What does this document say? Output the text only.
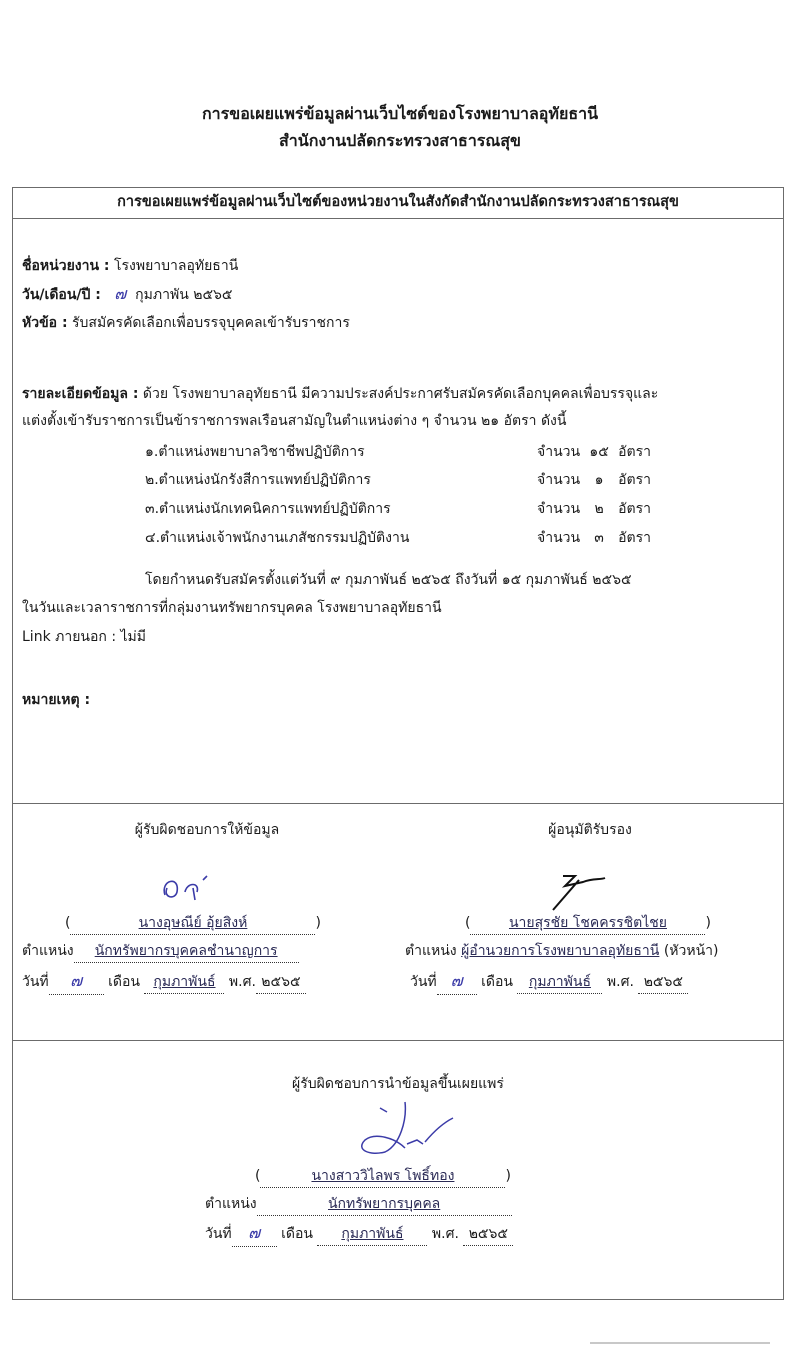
การขอเผยแพร่ข้อมูลผ่านเว็บไซต์ของโรงพยาบาลอุทัยธานี
สำนักงานปลัดกระทรวงสาธารณสุข
การขอเผยแพร่ข้อมูลผ่านเว็บไซต์ของหน่วยงานในสังกัดสำนักงานปลัดกระทรวงสาธารณสุข
ชื่อหน่วยงาน : โรงพยาบาลอุทัยธานี
วัน/เดือน/ปี : ๗ กุมภาพัน ๒๕๖๕
หัวข้อ : รับสมัครคัดเลือกเพื่อบรรจุบุคคลเข้ารับราชการ
รายละเอียดข้อมูล : ด้วย โรงพยาบาลอุทัยธานี มีความประสงค์ประกาศรับสมัครคัดเลือกบุคคลเพื่อบรรจุและ
แต่งตั้งเข้ารับราชการเป็นข้าราชการพลเรือนสามัญในตำแหน่งต่าง ๆ จำนวน ๒๑ อัตรา ดังนี้
๑.ตำแหน่งพยาบาลวิชาชีพปฏิบัติการ	จำนวน ๑๕ อัตรา
๒.ตำแหน่งนักรังสีการแพทย์ปฏิบัติการ	จำนวน ๑ อัตรา
๓.ตำแหน่งนักเทคนิคการแพทย์ปฏิบัติการ	จำนวน ๒ อัตรา
๔.ตำแหน่งเจ้าพนักงานเภสัชกรรมปฏิบัติงาน	จำนวน ๓ อัตรา
โดยกำหนดรับสมัครตั้งแต่วันที่ ๙ กุมภาพันธ์ ๒๕๖๕ ถึงวันที่ ๑๕ กุมภาพันธ์ ๒๕๖๕
ในวันและเวลาราชการที่กลุ่มงานทรัพยากรบุคคล โรงพยาบาลอุทัยธานี
Link ภายนอก : ไม่มี
หมายเหตุ :
ผู้รับผิดชอบการให้ข้อมูล
(	นางอุษณีย์ อุ้ยสิงห์	)
ตำแหน่ง นักทรัพยากรบุคคลชำนาญการ
วันที่ ๗ เดือน กุมภาพันธ์ พ.ศ. ๒๕๖๕
ผู้อนุมัติรับรอง
(	นายสุรชัย โชคครรชิตไชย	)
ตำแหน่ง ผู้อำนวยการโรงพยาบาลอุทัยธานี (หัวหน้า)
วันที่ ๗ เดือน กุมภาพันธ์ พ.ศ. ๒๕๖๕
ผู้รับผิดชอบการนำข้อมูลขึ้นเผยแพร่
(	นางสาววิไลพร โพธิ์ทอง	)
ตำแหน่ง	นักทรัพยากรบุคคล
วันที่ ๗ เดือน กุมภาพันธ์ พ.ศ. ๒๕๖๕
